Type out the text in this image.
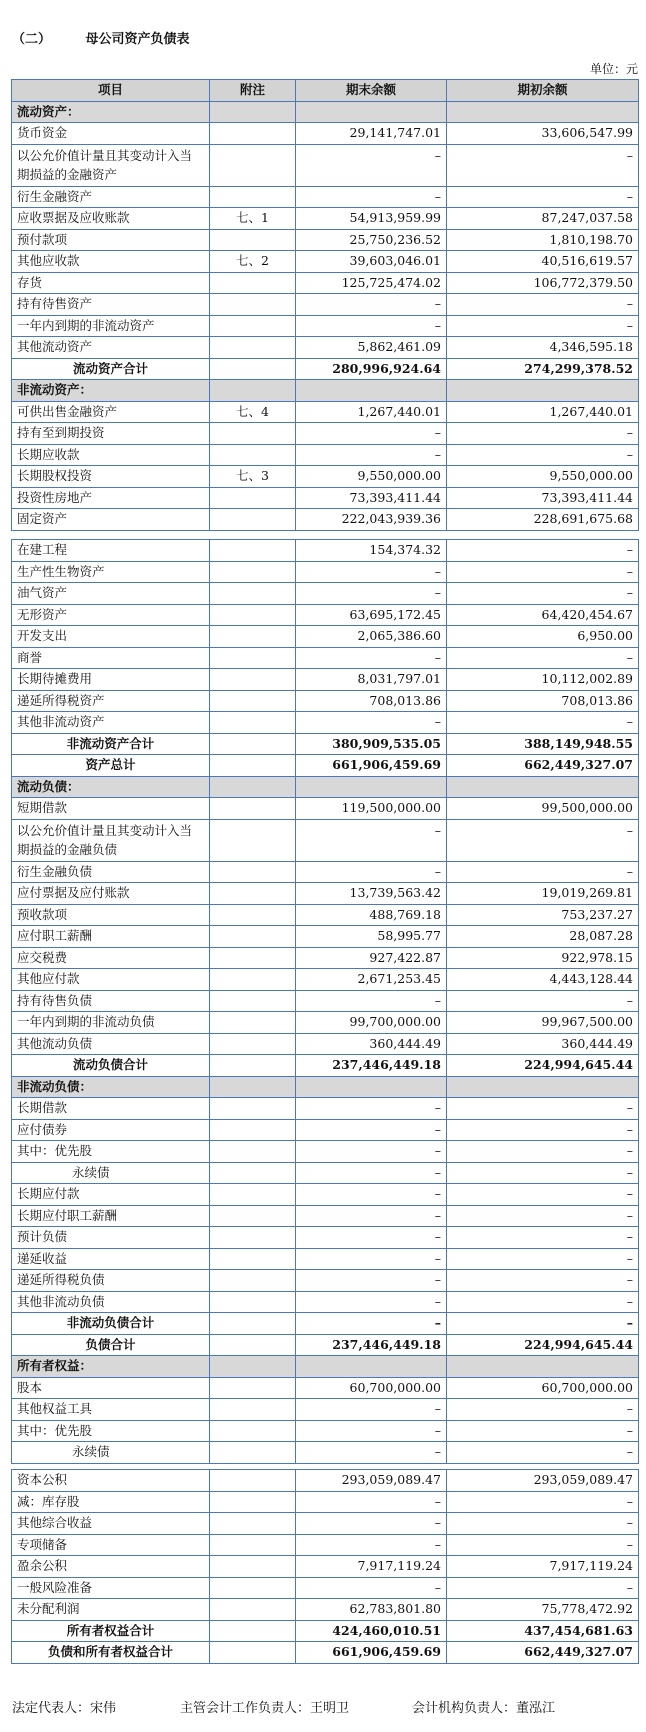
（二）	母公司资产负债表
单位：元
项目	附注	期末余额	期初余额
流动资产：			
货币资金		29,141,747.01	33,606,547.99
以公允价值计量且其变动计入当期损益的金融资产		–	–
衍生金融资产		–	–
应收票据及应收账款	七、1	54,913,959.99	87,247,037.58
预付款项		25,750,236.52	1,810,198.70
其他应收款	七、2	39,603,046.01	40,516,619.57
存货		125,725,474.02	106,772,379.50
持有待售资产		–	–
一年内到期的非流动资产		–	–
其他流动资产		5,862,461.09	4,346,595.18
流动资产合计		280,996,924.64	274,299,378.52
非流动资产：			
可供出售金融资产	七、4	1,267,440.01	1,267,440.01
持有至到期投资		–	–
长期应收款		–	–
长期股权投资	七、3	9,550,000.00	9,550,000.00
投资性房地产		73,393,411.44	73,393,411.44
固定资产		222,043,939.36	228,691,675.68
在建工程		154,374.32	–
生产性生物资产		–	–
油气资产		–	–
无形资产		63,695,172.45	64,420,454.67
开发支出		2,065,386.60	6,950.00
商誉		–	–
长期待摊费用		8,031,797.01	10,112,002.89
递延所得税资产		708,013.86	708,013.86
其他非流动资产		–	–
非流动资产合计		380,909,535.05	388,149,948.55
资产总计		661,906,459.69	662,449,327.07
流动负债：			
短期借款		119,500,000.00	99,500,000.00
以公允价值计量且其变动计入当期损益的金融负债		–	–
衍生金融负债		–	–
应付票据及应付账款		13,739,563.42	19,019,269.81
预收款项		488,769.18	753,237.27
应付职工薪酬		58,995.77	28,087.28
应交税费		927,422.87	922,978.15
其他应付款		2,671,253.45	4,443,128.44
持有待售负债		–	–
一年内到期的非流动负债		99,700,000.00	99,967,500.00
其他流动负债		360,444.49	360,444.49
流动负债合计		237,446,449.18	224,994,645.44
非流动负债：			
长期借款		–	–
应付债券		–	–
其中：优先股		–	–
永续债		–	–
长期应付款		–	–
长期应付职工薪酬		–	–
预计负债		–	–
递延收益		–	–
递延所得税负债		–	–
其他非流动负债		–	–
非流动负债合计		–	–
负债合计		237,446,449.18	224,994,645.44
所有者权益：			
股本		60,700,000.00	60,700,000.00
其他权益工具		–	–
其中：优先股		–	–
永续债		–	–
资本公积		293,059,089.47	293,059,089.47
减：库存股		–	–
其他综合收益		–	–
专项储备		–	–
盈余公积		7,917,119.24	7,917,119.24
一般风险准备		–	–
未分配利润		62,783,801.80	75,778,472.92
所有者权益合计		424,460,010.51	437,454,681.63
负债和所有者权益合计		661,906,459.69	662,449,327.07
法定代表人：宋伟	主管会计工作负责人：王明卫	会计机构负责人：董泓江
